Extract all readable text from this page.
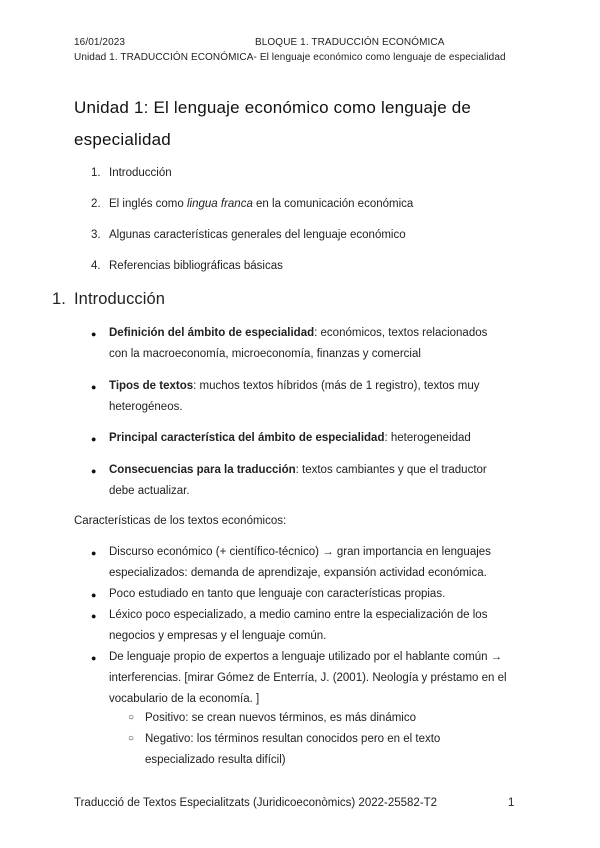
16/01/2023	BLOQUE 1. TRADUCCIÓN ECONÓMICA
Unidad 1. TRADUCCIÓN ECONÓMICA- El lenguaje económico como lenguaje de especialidad
Unidad 1: El lenguaje económico como lenguaje de
especialidad
1. Introducción
2. El inglés como lingua franca en la comunicación económica
3. Algunas características generales del lenguaje económico
4. Referencias bibliográficas básicas
1. Introducción
● Definición del ámbito de especialidad: económicos, textos relacionados
con la macroeconomía, microeconomía, finanzas y comercial
● Tipos de textos: muchos textos híbridos (más de 1 registro), textos muy
heterogéneos.
● Principal característica del ámbito de especialidad: heterogeneidad
● Consecuencias para la traducción: textos cambiantes y que el traductor
debe actualizar.
Características de los textos económicos:
● Discurso económico (+ científico-técnico) → gran importancia en lenguajes
especializados: demanda de aprendizaje, expansión actividad económica.
● Poco estudiado en tanto que lenguaje con características propias.
● Léxico poco especializado, a medio camino entre la especialización de los
negocios y empresas y el lenguaje común.
● De lenguaje propio de expertos a lenguaje utilizado por el hablante común →
interferencias. [mirar Gómez de Enterría, J. (2001). Neología y préstamo en el
vocabulario de la economía. ]
○ Positivo: se crean nuevos términos, es más dinámico
○ Negativo: los términos resultan conocidos pero en el texto
especializado resulta difícil)
Traducció de Textos Especialitzats (Juridicoeconòmics) 2022-25582-T2	1
